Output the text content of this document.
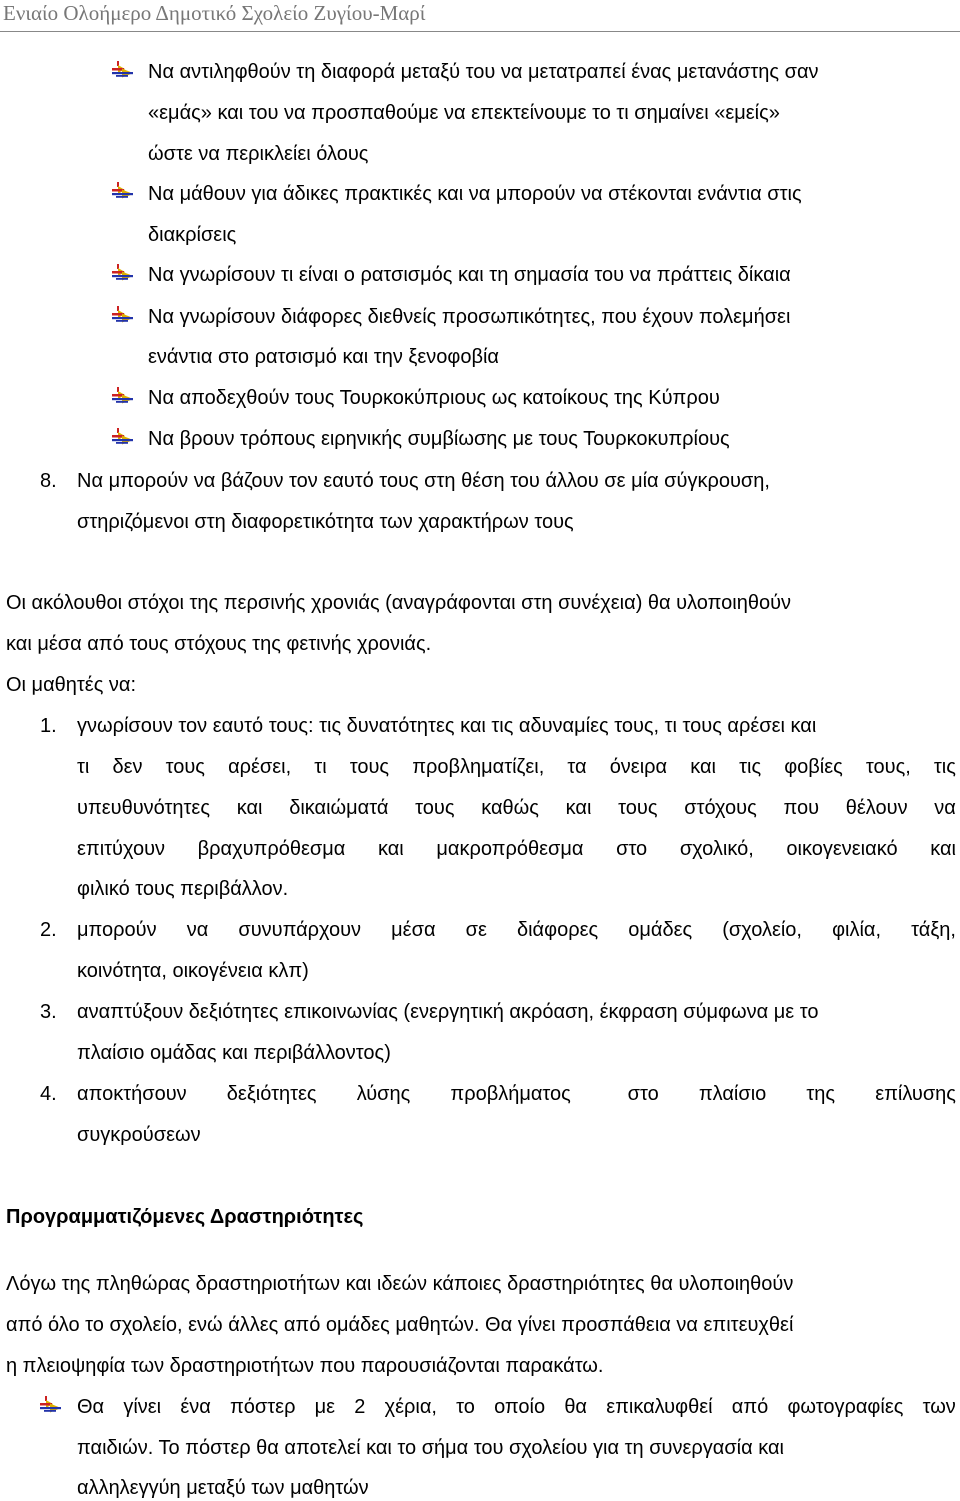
Ενιαίο Ολοήμερο Δημοτικό Σχολείο Ζυγίου-Μαρί
Να αντιληφθούν τη διαφορά μεταξύ του να μετατραπεί ένας μετανάστης σαν
«εμάς» και του να προσπαθούμε να επεκτείνουμε το τι σημαίνει «εμείς»
ώστε να περικλείει όλους
Να μάθουν για άδικες πρακτικές και να μπορούν να στέκονται ενάντια στις
διακρίσεις
Να γνωρίσουν τι είναι ο ρατσισμός και τη σημασία του να πράττεις δίκαια
Να γνωρίσουν διάφορες διεθνείς προσωπικότητες, που έχουν πολεμήσει
ενάντια στο ρατσισμό και την ξενοφοβία
Να αποδεχθούν τους Τουρκοκύπριους ως κατοίκους της Κύπρου
Να βρουν τρόπους ειρηνικής συμβίωσης με τους Τουρκοκυπρίους
8. Να μπορούν να βάζουν τον εαυτό τους στη θέση του άλλου σε μία σύγκρουση,
στηριζόμενοι στη διαφορετικότητα των χαρακτήρων τους
Οι ακόλουθοι στόχοι της περσινής χρονιάς (αναγράφονται στη συνέχεια) θα υλοποιηθούν
και μέσα από τους στόχους της φετινής χρονιάς.
Οι μαθητές να:
1. γνωρίσουν τον εαυτό τους: τις δυνατότητες και τις αδυναμίες τους, τι τους αρέσει και
τι δεν τους αρέσει, τι τους προβληματίζει, τα όνειρα και τις φοβίες τους, τις
υπευθυνότητες και δικαιώματά τους καθώς και τους στόχους που θέλουν να
επιτύχουν βραχυπρόθεσμα και μακροπρόθεσμα στο σχολικό, οικογενειακό και
φιλικό τους περιβάλλον.
2. μπορούν να συνυπάρχουν μέσα σε διάφορες ομάδες (σχολείο, φιλία, τάξη,
κοινότητα, οικογένεια κλπ)
3. αναπτύξουν δεξιότητες επικοινωνίας (ενεργητική ακρόαση, έκφραση σύμφωνα με το
πλαίσιο ομάδας και περιβάλλοντος)
4. αποκτήσουν δεξιότητες λύσης προβλήματος στο πλαίσιο της επίλυσης
συγκρούσεων
Προγραμματιζόμενες Δραστηριότητες
Λόγω της πληθώρας δραστηριοτήτων και ιδεών κάποιες δραστηριότητες θα υλοποιηθούν
από όλο το σχολείο, ενώ άλλες από ομάδες μαθητών. Θα γίνει προσπάθεια να επιτευχθεί
η πλειοψηφία των δραστηριοτήτων που παρουσιάζονται παρακάτω.
Θα γίνει ένα πόστερ με 2 χέρια, το οποίο θα επικαλυφθεί από φωτογραφίες των
παιδιών. Το πόστερ θα αποτελεί και το σήμα του σχολείου για τη συνεργασία και
αλληλεγγύη μεταξύ των μαθητών
